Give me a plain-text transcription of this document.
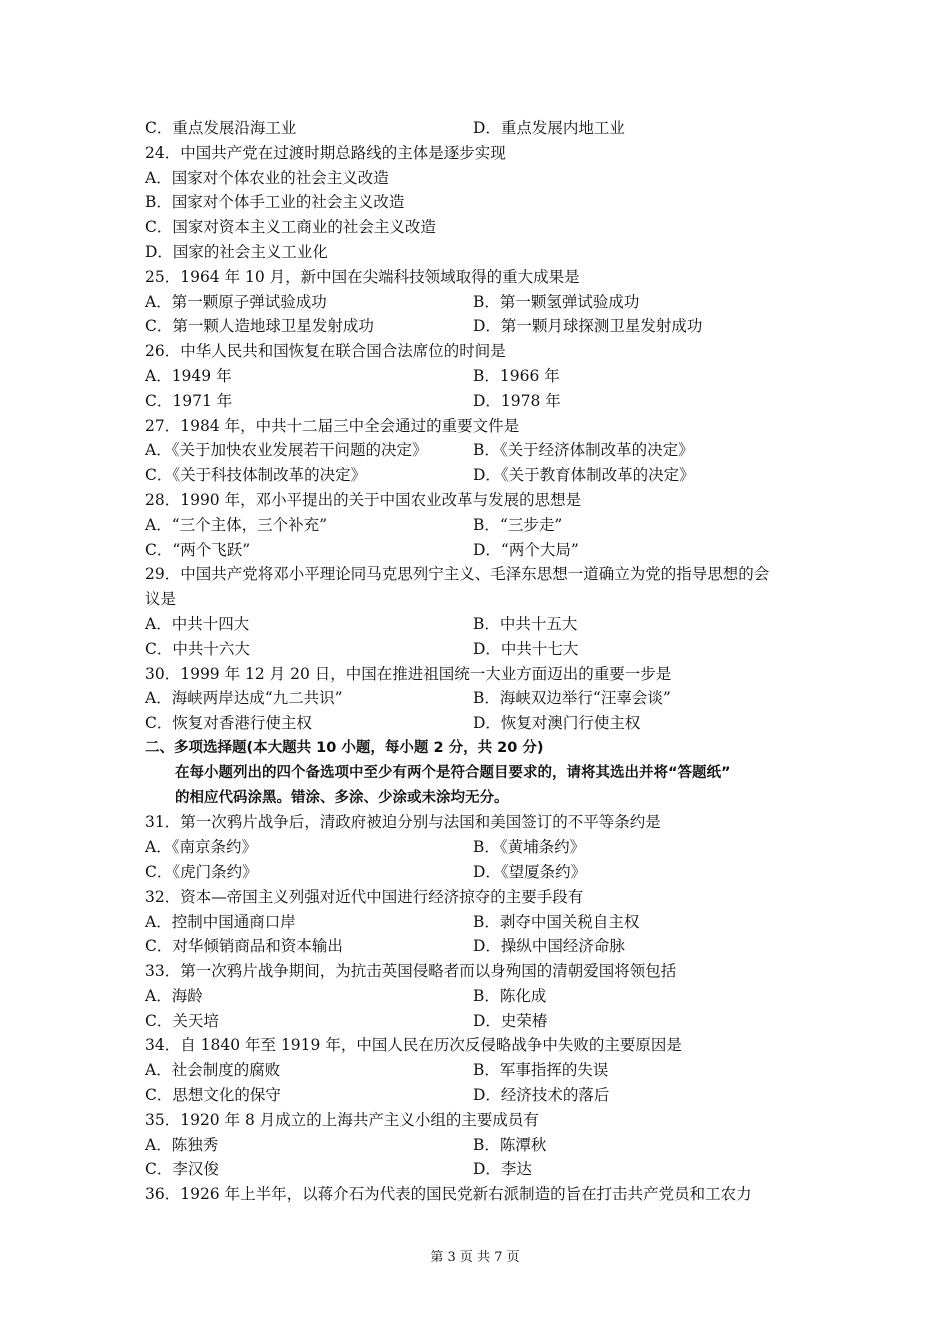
C．重点发展沿海工业	D．重点发展内地工业
24．中国共产党在过渡时期总路线的主体是逐步实现
A．国家对个体农业的社会主义改造
B．国家对个体手工业的社会主义改造
C．国家对资本主义工商业的社会主义改造
D．国家的社会主义工业化
25．1964 年 10 月，新中国在尖端科技领域取得的重大成果是
A．第一颗原子弹试验成功	B．第一颗氢弹试验成功
C．第一颗人造地球卫星发射成功	D．第一颗月球探测卫星发射成功
26．中华人民共和国恢复在联合国合法席位的时间是
A．1949 年	B．1966 年
C．1971 年	D．1978 年
27．1984 年，中共十二届三中全会通过的重要文件是
A．《关于加快农业发展若干问题的决定》	B．《关于经济体制改革的决定》
C．《关于科技体制改革的决定》	D．《关于教育体制改革的决定》
28．1990 年，邓小平提出的关于中国农业改革与发展的思想是
A．“三个主体，三个补充”	B．“三步走”
C．“两个飞跃”	D．“两个大局”
29．中国共产党将邓小平理论同马克思列宁主义、毛泽东思想一道确立为党的指导思想的会
议是
A．中共十四大	B．中共十五大
C．中共十六大	D．中共十七大
30．1999 年 12 月 20 日，中国在推进祖国统一大业方面迈出的重要一步是
A．海峡两岸达成“九二共识”	B．海峡双边举行“汪辜会谈”
C．恢复对香港行使主权	D．恢复对澳门行使主权
二、多项选择题(本大题共 10 小题，每小题 2 分，共 20 分)
在每小题列出的四个备选项中至少有两个是符合题目要求的，请将其选出并将“答题纸”
的相应代码涂黑。错涂、多涂、少涂或未涂均无分。
31．第一次鸦片战争后，清政府被迫分别与法国和美国签订的不平等条约是
A．《南京条约》	B．《黄埔条约》
C．《虎门条约》	D．《望厦条约》
32．资本—帝国主义列强对近代中国进行经济掠夺的主要手段有
A．控制中国通商口岸	B．剥夺中国关税自主权
C．对华倾销商品和资本输出	D．操纵中国经济命脉
33．第一次鸦片战争期间，为抗击英国侵略者而以身殉国的清朝爱国将领包括
A．海龄	B．陈化成
C．关天培	D．史荣椿
34．自 1840 年至 1919 年，中国人民在历次反侵略战争中失败的主要原因是
A．社会制度的腐败	B．军事指挥的失误
C．思想文化的保守	D．经济技术的落后
35．1920 年 8 月成立的上海共产主义小组的主要成员有
A．陈独秀	B．陈潭秋
C．李汉俊	D．李达
36．1926 年上半年，以蒋介石为代表的国民党新右派制造的旨在打击共产党员和工农力
第 3 页 共 7 页
